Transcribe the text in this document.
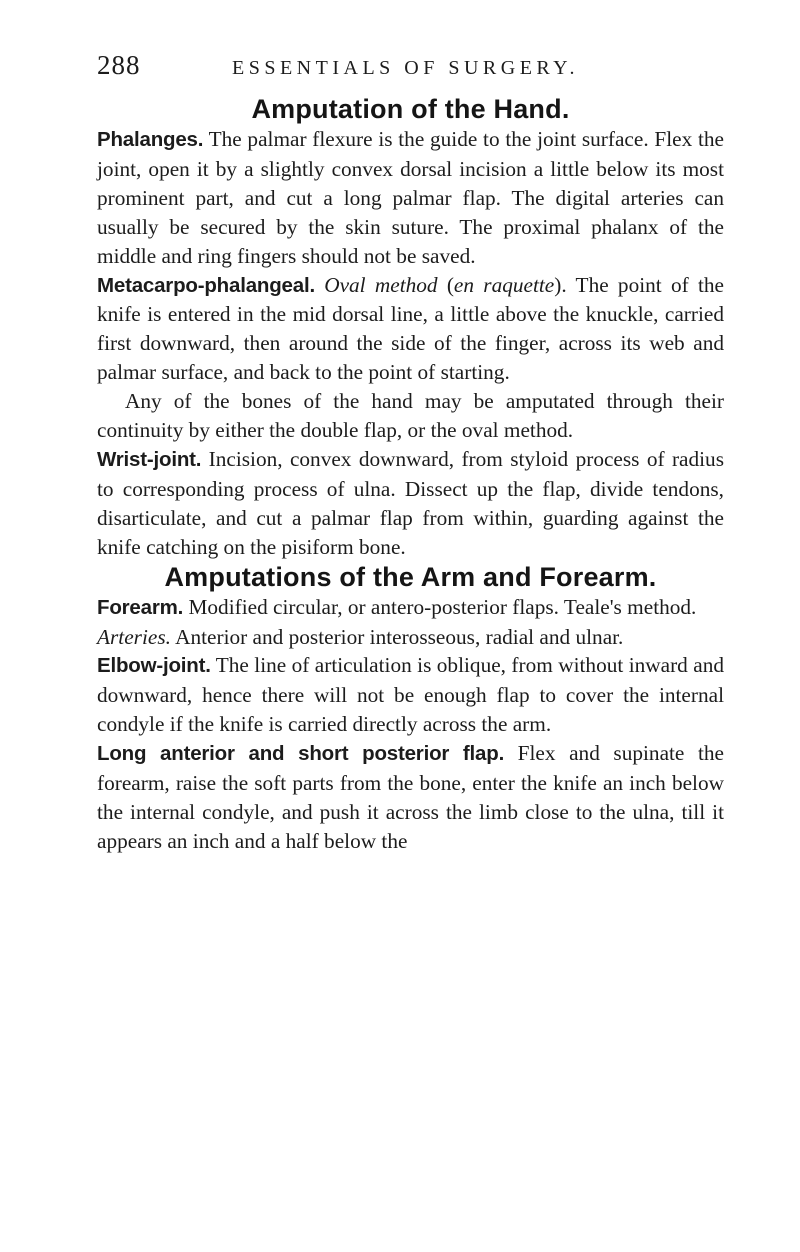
288	ESSENTIALS OF SURGERY.
Amputation of the Hand.

Phalanges. The palmar flexure is the guide to the joint surface. Flex the joint, open it by a slightly convex dorsal incision a little below its most prominent part, and cut a long palmar flap. The digital arteries can usually be secured by the skin suture. The proximal phalanx of the middle and ring fingers should not be saved.

Metacarpo-phalangeal. Oval method (en raquette). The point of the knife is entered in the mid dorsal line, a little above the knuckle, carried first downward, then around the side of the finger, across its web and palmar surface, and back to the point of starting.

Any of the bones of the hand may be amputated through their continuity by either the double flap, or the oval method.

Wrist-joint. Incision, convex downward, from styloid process of radius to corresponding process of ulna. Dissect up the flap, divide tendons, disarticulate, and cut a palmar flap from within, guarding against the knife catching on the pisiform bone.

Amputations of the Arm and Forearm.

Forearm. Modified circular, or antero-posterior flaps. Teale's method.

Arteries. Anterior and posterior interosseous, radial and ulnar.

Elbow-joint. The line of articulation is oblique, from without inward and downward, hence there will not be enough flap to cover the internal condyle if the knife is carried directly across the arm.

Long anterior and short posterior flap. Flex and supinate the forearm, raise the soft parts from the bone, enter the knife an inch below the internal condyle, and push it across the limb close to the ulna, till it appears an inch and a half below the
